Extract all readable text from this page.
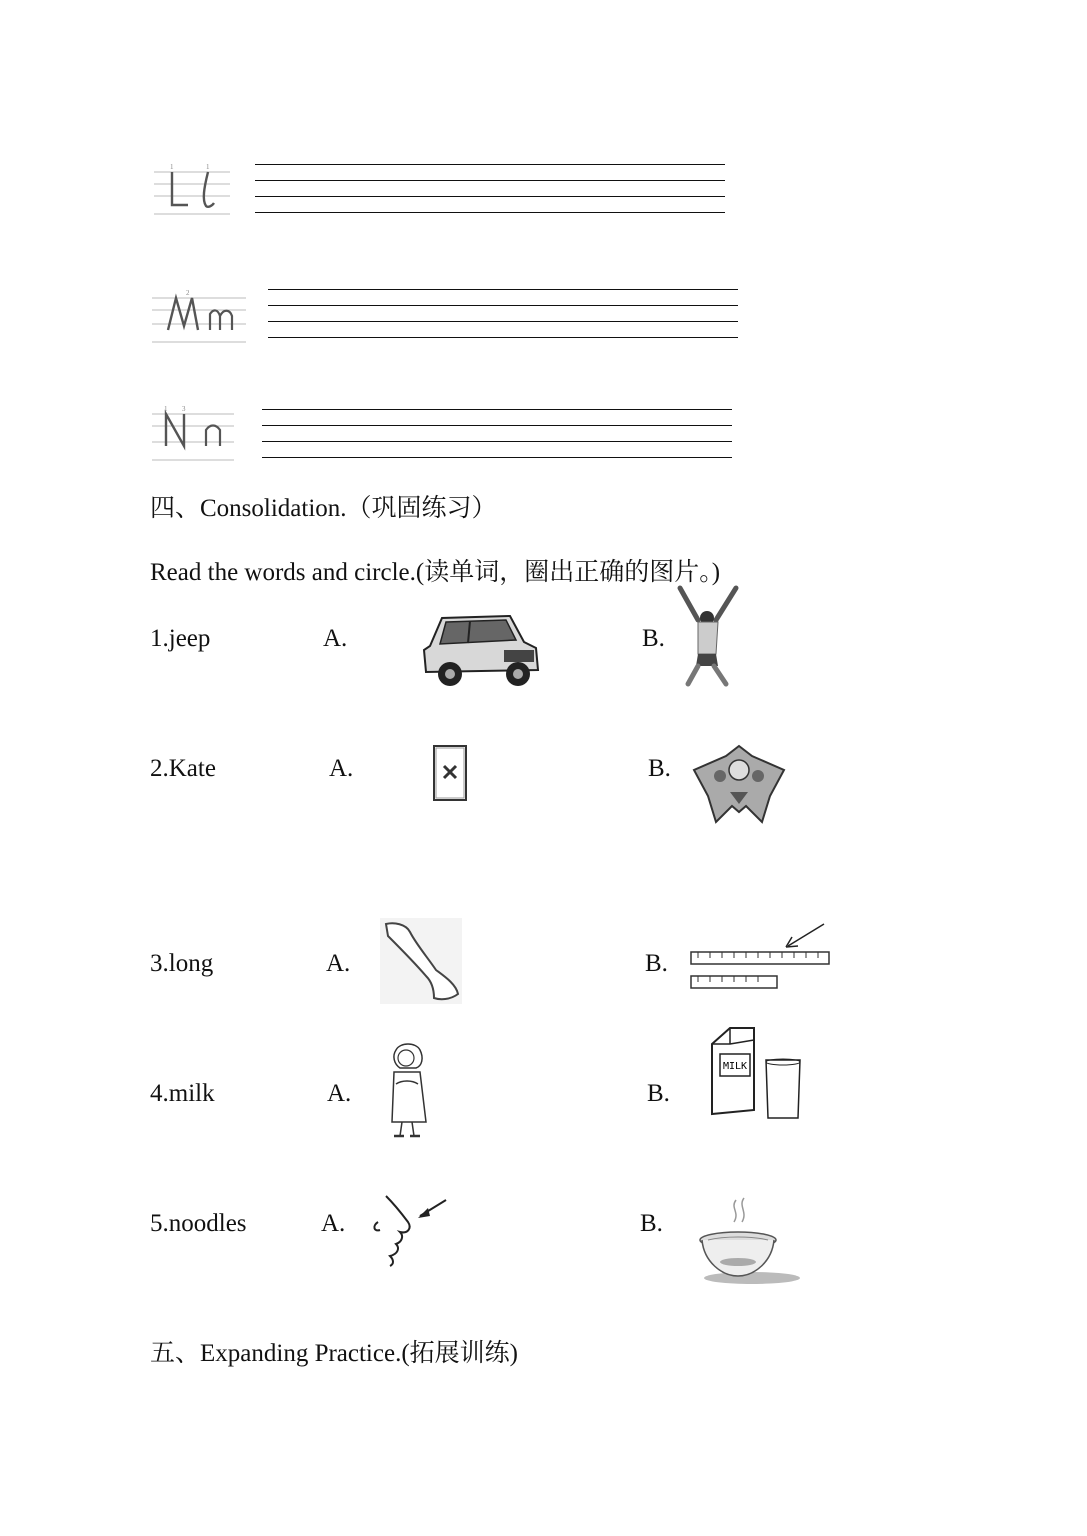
1	1
2
1 3
四、Consolidation.（巩固练习）
Read the words and circle.(读单词，圈出正确的图片。)
1.jeep	A.	B.
2.Kate	A.	B.
3.long	A.	B.
4.milk	A.	B.
MILK
5.noodles	A.	B.
五、Expanding Practice.(拓展训练)
